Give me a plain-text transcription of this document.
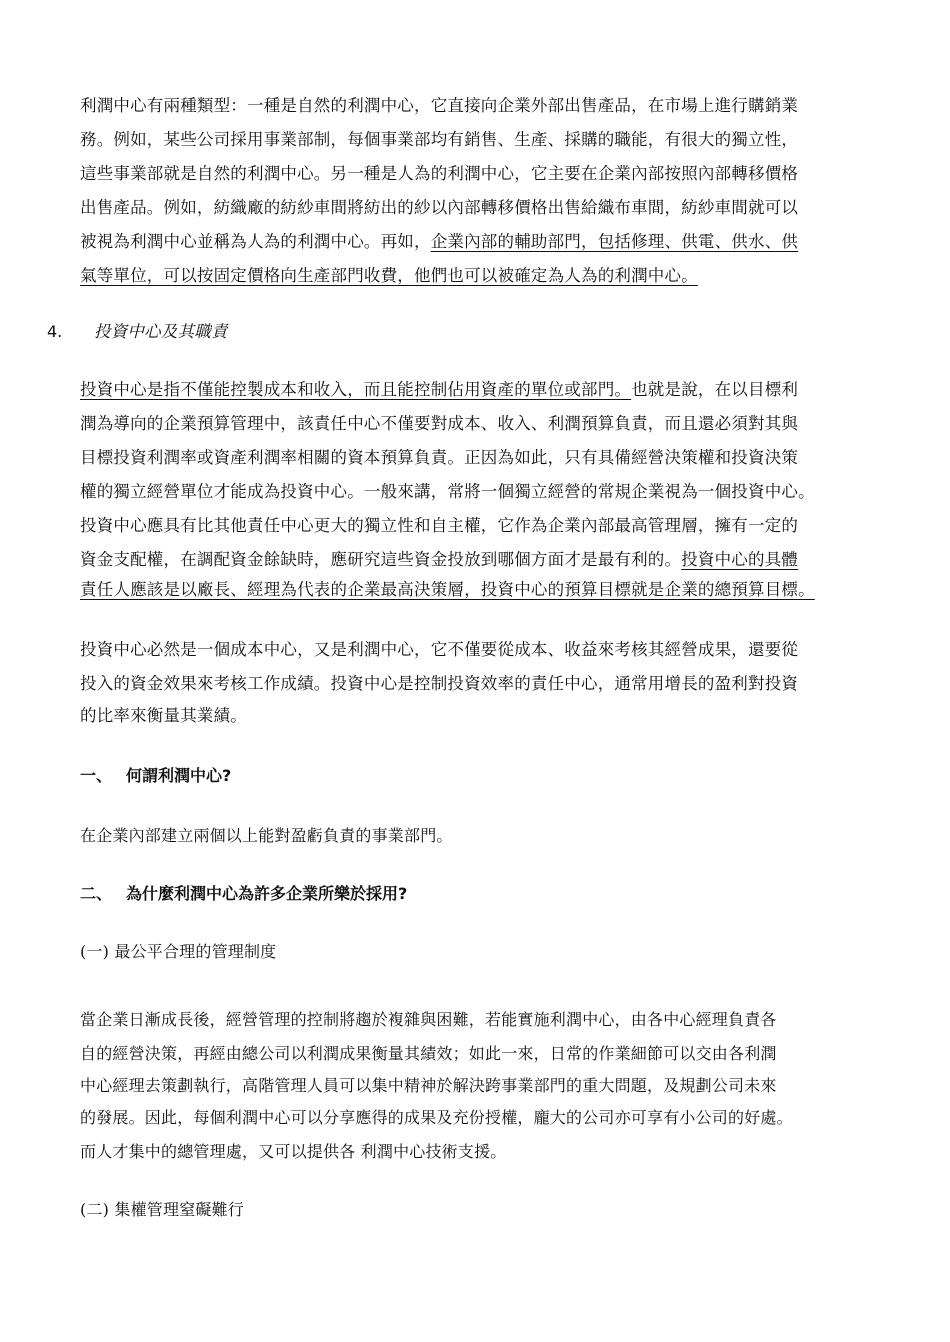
利潤中心有兩種類型：一種是自然的利潤中心，它直接向企業外部出售產品，在市場上進行購銷業
務。例如，某些公司採用事業部制，每個事業部均有銷售、生產、採購的職能，有很大的獨立性，
這些事業部就是自然的利潤中心。另一種是人為的利潤中心，它主要在企業內部按照內部轉移價格
出售產品。例如，紡織廠的紡紗車間將紡出的紗以內部轉移價格出售給織布車間，紡紗車間就可以
被視為利潤中心並稱為人為的利潤中心。再如，企業內部的輔助部門，包括修理、供電、供水、供
氣等單位，可以按固定價格向生產部門收費，他們也可以被確定為人為的利潤中心。
4. 投資中心及其職責
投資中心是指不僅能控製成本和收入，而且能控制佔用資產的單位或部門。也就是說，在以目標利
潤為導向的企業預算管理中，該責任中心不僅要對成本、收入、利潤預算負責，而且還必須對其與
目標投資利潤率或資產利潤率相關的資本預算負責。正因為如此，只有具備經營決策權和投資決策
權的獨立經營單位才能成為投資中心。一般來講，常將一個獨立經營的常規企業視為一個投資中心。
投資中心應具有比其他責任中心更大的獨立性和自主權，它作為企業內部最高管理層，擁有一定的
資金支配權，在調配資金餘缺時，應研究這些資金投放到哪個方面才是最有利的。投資中心的具體
責任人應該是以廠長、經理為代表的企業最高決策層，投資中心的預算目標就是企業的總預算目標。
投資中心必然是一個成本中心，又是利潤中心，它不僅要從成本、收益來考核其經營成果，還要從
投入的資金效果來考核工作成績。投資中心是控制投資效率的責任中心，通常用增長的盈利對投資
的比率來衡量其業績。
一、 何謂利潤中心?
在企業內部建立兩個以上能對盈虧負責的事業部門。
二、 為什麼利潤中心為許多企業所樂於採用?
(一) 最公平合理的管理制度
當企業日漸成長後，經營管理的控制將趨於複雜與困難，若能實施利潤中心，由各中心經理負責各
自的經營決策，再經由總公司以利潤成果衡量其績效；如此一來，日常的作業細節可以交由各利潤
中心經理去策劃執行，高階管理人員可以集中精神於解決跨事業部門的重大問題，及規劃公司未來
的發展。因此，每個利潤中心可以分享應得的成果及充份授權，龐大的公司亦可享有小公司的好處。
而人才集中的總管理處，又可以提供各 利潤中心技術支援。
(二) 集權管理窒礙難行
